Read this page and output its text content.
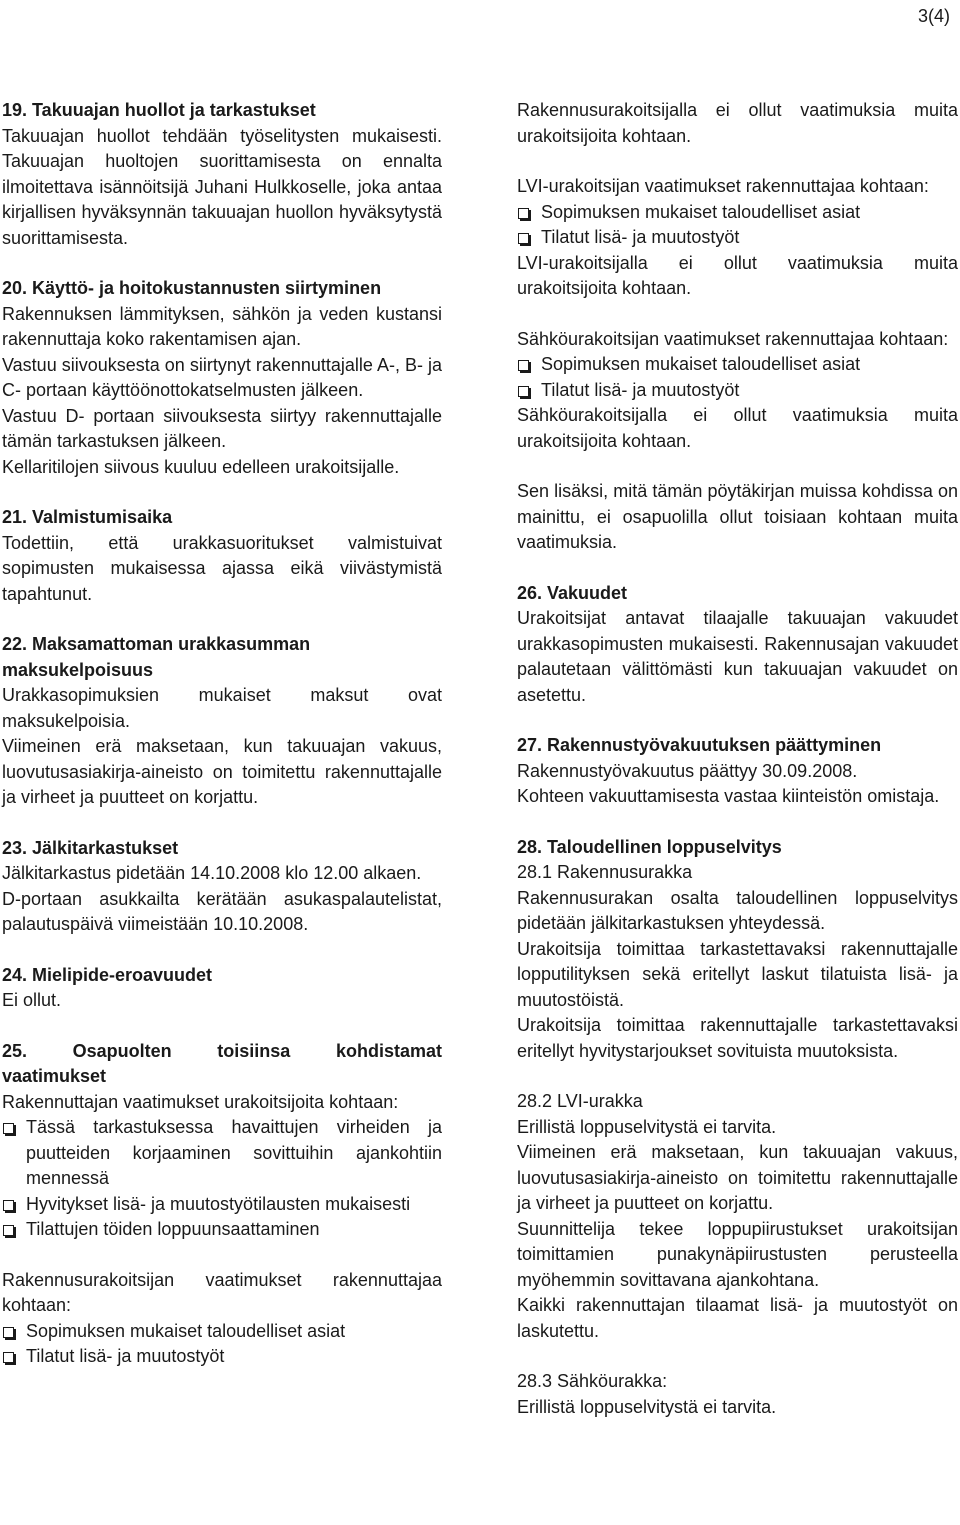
3(4)
19. Takuuajan huollot ja tarkastukset

Takuuajan huollot tehdään työselitysten mukaisesti. Takuuajan huoltojen suorittamisesta on ennalta ilmoitettava isännöitsijä Juhani Hulkkoselle, joka antaa kirjallisen hyväksynnän takuuajan huollon hyväksytystä suorittamisesta.

20. Käyttö- ja hoitokustannusten siirtyminen

Rakennuksen lämmityksen, sähkön ja veden kustansi rakennuttaja koko rakentamisen ajan.

Vastuu siivouksesta on siirtynyt rakennuttajalle A-, B- ja C- portaan käyttöönottokatselmusten jälkeen.

Vastuu D- portaan siivouksesta siirtyy rakennuttajalle tämän tarkastuksen jälkeen.

Kellaritilojen siivous kuuluu edelleen urakoitsijalle.

21. Valmistumisaika

Todettiin, että urakkasuoritukset valmistuivat sopimusten mukaisessa ajassa eikä viivästymistä tapahtunut.

22. Maksamattoman urakkasumman maksukelpoisuus

Urakkasopimuksien mukaiset maksut ovat maksukelpoisia.

Viimeinen erä maksetaan, kun takuuajan vakuus, luovutusasiakirja-aineisto on toimitettu rakennuttajalle ja virheet ja puutteet on korjattu.

23. Jälkitarkastukset

Jälkitarkastus pidetään 14.10.2008 klo 12.00 alkaen.

D-portaan asukkailta kerätään asukaspalautelistat, palautuspäivä viimeistään 10.10.2008.

24. Mielipide-eroavuudet

Ei ollut.

25.	Osapuolten	toisiinsa	kohdistamat
vaatimukset

Rakennuttajan vaatimukset urakoitsijoita kohtaan:

Tässä tarkastuksessa havaittujen virheiden ja puutteiden korjaaminen sovittuihin ajankohtiin mennessä
Hyvitykset lisä- ja muutostyötilausten mukaisesti
Tilattujen töiden loppuunsaattaminen

Rakennusurakoitsijan vaatimukset rakennuttajaa kohtaan:

Sopimuksen mukaiset taloudelliset asiat
Tilatut lisä- ja muutostyöt

Rakennusurakoitsijalla ei ollut vaatimuksia muita urakoitsijoita kohtaan.

LVI-urakoitsijan vaatimukset rakennuttajaa kohtaan:

Sopimuksen mukaiset taloudelliset asiat
Tilatut lisä- ja muutostyöt

LVI-urakoitsijalla ei ollut vaatimuksia muita urakoitsijoita kohtaan.

Sähköurakoitsijan vaatimukset rakennuttajaa kohtaan:

Sopimuksen mukaiset taloudelliset asiat
Tilatut lisä- ja muutostyöt

Sähköurakoitsijalla ei ollut vaatimuksia muita urakoitsijoita kohtaan.

Sen lisäksi, mitä tämän pöytäkirjan muissa kohdissa on mainittu, ei osapuolilla ollut toisiaan kohtaan muita vaatimuksia.

26. Vakuudet

Urakoitsijat antavat tilaajalle takuuajan vakuudet urakkasopimusten mukaisesti. Rakennusajan vakuudet palautetaan välittömästi kun takuuajan vakuudet on asetettu.

27. Rakennustyövakuutuksen päättyminen

Rakennustyövakuutus päättyy 30.09.2008.

Kohteen vakuuttamisesta vastaa kiinteistön omistaja.

28. Taloudellinen loppuselvitys

28.1 Rakennusurakka

Rakennusurakan osalta taloudellinen loppuselvitys pidetään jälkitarkastuksen yhteydessä.

Urakoitsija toimittaa tarkastettavaksi rakennuttajalle lopputilityksen sekä eritellyt laskut tilatuista lisä- ja muutostöistä.

Urakoitsija toimittaa rakennuttajalle tarkastettavaksi eritellyt hyvitystarjoukset sovituista muutoksista.

28.2 LVI-urakka

Erillistä loppuselvitystä ei tarvita.

Viimeinen erä maksetaan, kun takuuajan vakuus, luovutusasiakirja-aineisto on toimitettu rakennuttajalle ja virheet ja puutteet on korjattu.

Suunnittelija tekee loppupiirustukset urakoitsijan toimittamien punakynäpiirustusten perusteella myöhemmin sovittavana ajankohtana.

Kaikki rakennuttajan tilaamat lisä- ja muutostyöt on laskutettu.

28.3 Sähköurakka:

Erillistä loppuselvitystä ei tarvita.
